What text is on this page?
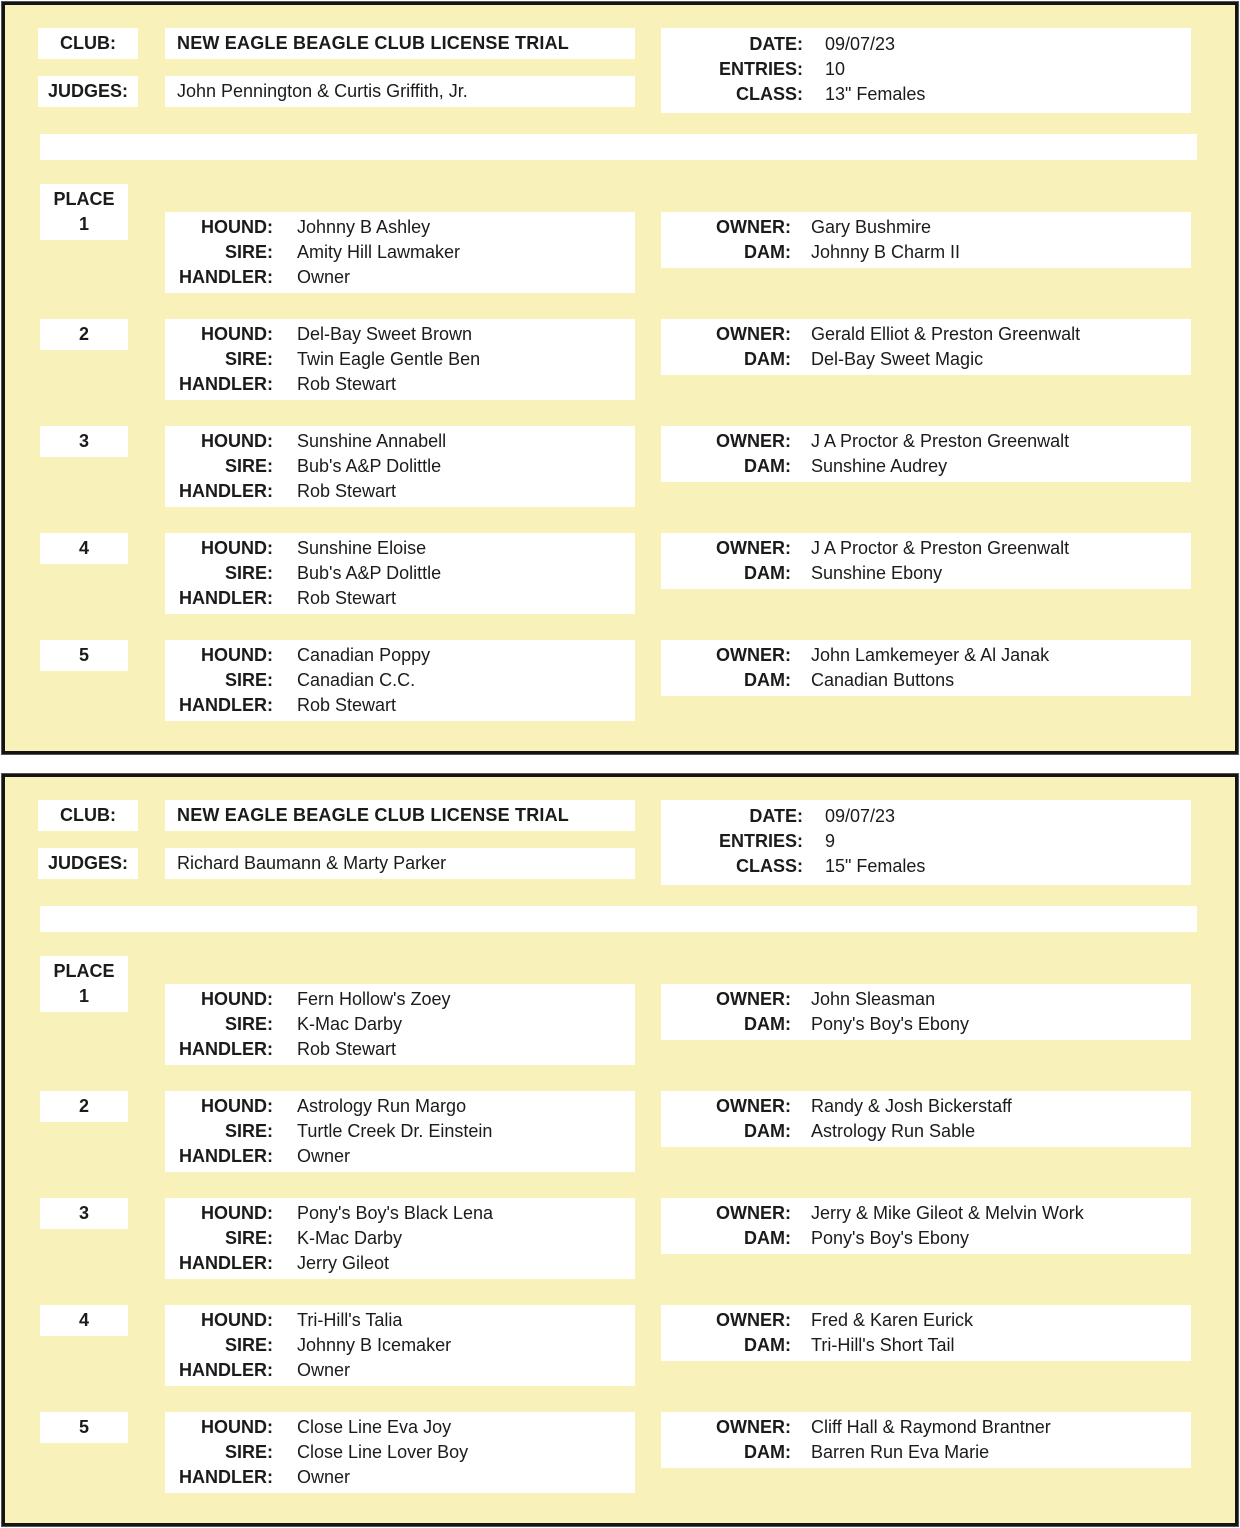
CLUB:	NEW EAGLE BEAGLE CLUB LICENSE TRIAL
JUDGES:	John Pennington & Curtis Griffith, Jr.
DATE: 09/07/23
ENTRIES: 10
CLASS: 13" Females
PLACE
1	HOUND: Johnny B Ashley
SIRE: Amity Hill Lawmaker
HANDLER: Owner
OWNER: Gary Bushmire
DAM: Johnny B Charm II
2	HOUND: Del-Bay Sweet Brown
SIRE: Twin Eagle Gentle Ben
HANDLER: Rob Stewart
OWNER: Gerald Elliot & Preston Greenwalt
DAM: Del-Bay Sweet Magic
3	HOUND: Sunshine Annabell
SIRE: Bub's A&P Dolittle
HANDLER: Rob Stewart
OWNER: J A Proctor & Preston Greenwalt
DAM: Sunshine Audrey
4	HOUND: Sunshine Eloise
SIRE: Bub's A&P Dolittle
HANDLER: Rob Stewart
OWNER: J A Proctor & Preston Greenwalt
DAM: Sunshine Ebony
5	HOUND: Canadian Poppy
SIRE: Canadian C.C.
HANDLER: Rob Stewart
OWNER: John Lamkemeyer & Al Janak
DAM: Canadian Buttons
CLUB:	NEW EAGLE BEAGLE CLUB LICENSE TRIAL
JUDGES:	Richard Baumann & Marty Parker
DATE: 09/07/23
ENTRIES: 9
CLASS: 15" Females
PLACE
1	HOUND: Fern Hollow's Zoey
SIRE: K-Mac Darby
HANDLER: Rob Stewart
OWNER: John Sleasman
DAM: Pony's Boy's Ebony
2	HOUND: Astrology Run Margo
SIRE: Turtle Creek Dr. Einstein
HANDLER: Owner
OWNER: Randy & Josh Bickerstaff
DAM: Astrology Run Sable
3	HOUND: Pony's Boy's Black Lena
SIRE: K-Mac Darby
HANDLER: Jerry Gileot
OWNER: Jerry & Mike Gileot & Melvin Work
DAM: Pony's Boy's Ebony
4	HOUND: Tri-Hill's Talia
SIRE: Johnny B Icemaker
HANDLER: Owner
OWNER: Fred & Karen Eurick
DAM: Tri-Hill's Short Tail
5	HOUND: Close Line Eva Joy
SIRE: Close Line Lover Boy
HANDLER: Owner
OWNER: Cliff Hall & Raymond Brantner
DAM: Barren Run Eva Marie
